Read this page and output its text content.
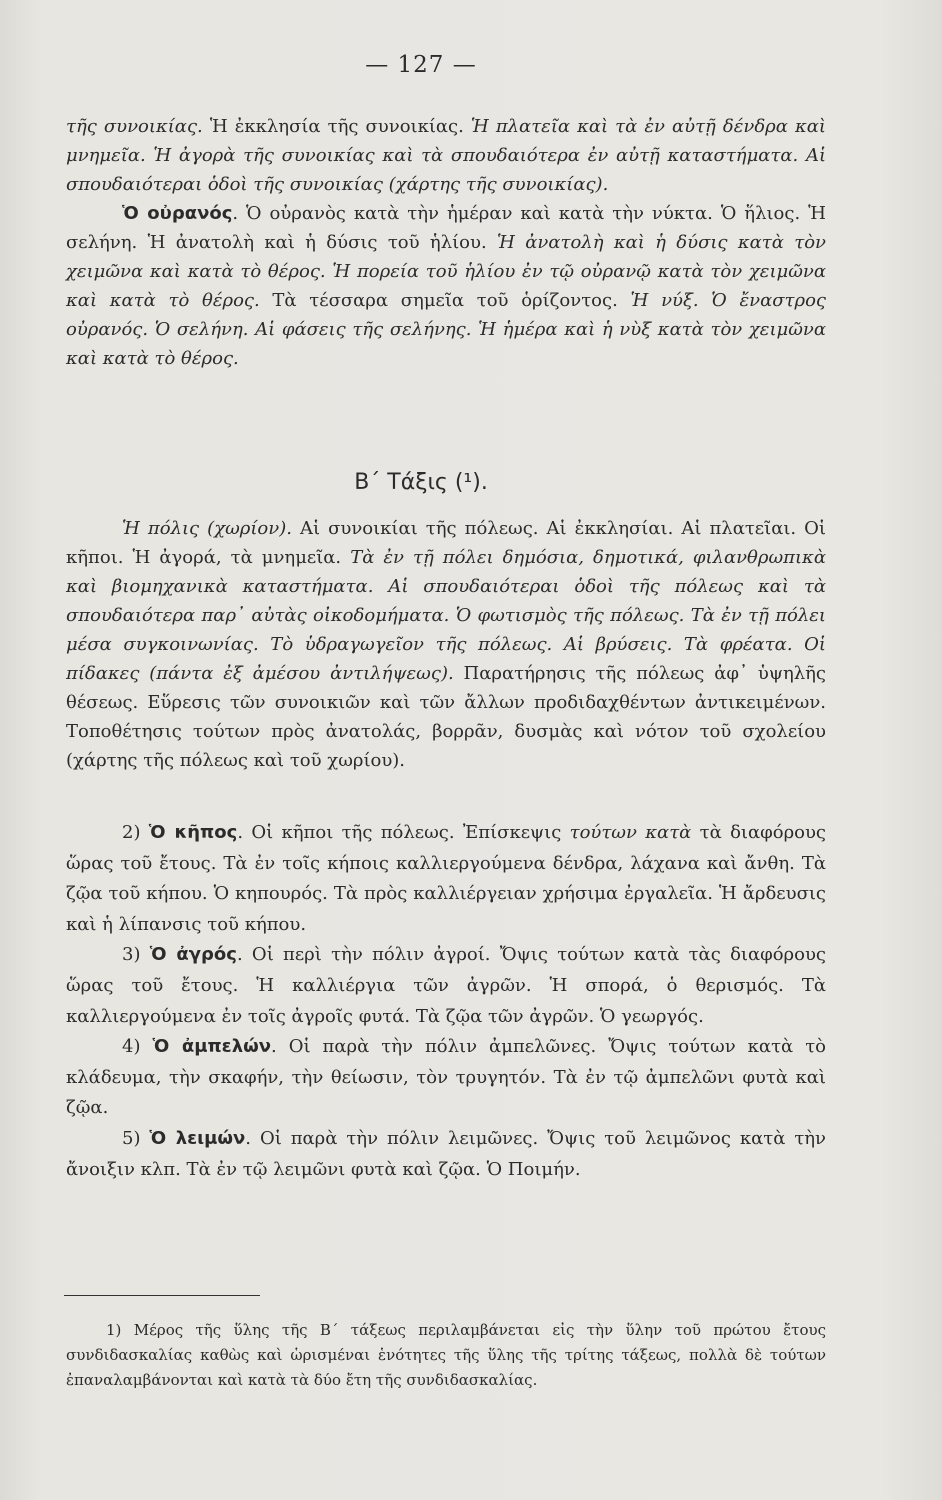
— 127 —

τῆς συνοικίας. Ἡ ἐκκλησία τῆς συνοικίας. Ἡ πλατεῖα καὶ τὰ ἐν αὐτῇ δένδρα καὶ μνημεῖα. Ἡ ἀγορὰ τῆς συνοικίας καὶ τὰ σπουδαιότερα ἐν αὐτῇ καταστήματα. Αἱ σπουδαιότεραι ὁδοὶ τῆς συνοικίας (χάρτης τῆς συνοικίας).

Ὁ οὐρανός. Ὁ οὐρανὸς κατὰ τὴν ἡμέραν καὶ κατὰ τὴν νύκτα. Ὁ ἥλιος. Ἡ σελήνη. Ἡ ἀνατολὴ καὶ ἡ δύσις τοῦ ἡλίου. Ἡ ἀνατολὴ καὶ ἡ δύσις κατὰ τὸν χειμῶνα καὶ κατὰ τὸ θέρος. Ἡ πορεία τοῦ ἡλίου ἐν τῷ οὐρανῷ κατὰ τὸν χειμῶνα καὶ κατὰ τὸ θέρος. Τὰ τέσσαρα σημεῖα τοῦ ὁρίζοντος. Ἡ νύξ. Ὁ ἔναστρος οὐρανός. Ὁ σελήνη. Αἱ φάσεις τῆς σελήνης. Ἡ ἡμέρα καὶ ἡ νὺξ κατὰ τὸν χειμῶνα καὶ κατὰ τὸ θέρος.

Β΄ Τάξις (¹).

Ἡ πόλις (χωρίον). Αἱ συνοικίαι τῆς πόλεως. Αἱ ἐκκλησίαι. Αἱ πλατεῖαι. Οἱ κῆποι. Ἡ ἀγορά, τὰ μνημεῖα. Τὰ ἐν τῇ πόλει δημόσια, δημοτικά, φιλανθρωπικὰ καὶ βιομηχανικὰ καταστήματα. Αἱ σπουδαιότεραι ὁδοὶ τῆς πόλεως καὶ τὰ σπουδαιότερα παρ᾽ αὐτὰς οἰκοδομήματα. Ὁ φωτισμὸς τῆς πόλεως. Τὰ ἐν τῇ πόλει μέσα συγκοινωνίας. Τὸ ὑδραγωγεῖον τῆς πόλεως. Αἱ βρύσεις. Τὰ φρέατα. Οἱ πίδακες (πάντα ἐξ ἀμέσου ἀντιλήψεως). Παρατήρησις τῆς πόλεως ἀφ᾽ ὑψηλῆς θέσεως. Εὕρεσις τῶν συνοικιῶν καὶ τῶν ἄλλων προδιδαχθέντων ἀντικειμένων. Τοποθέτησις τούτων πρὸς ἀνατολάς, βορρᾶν, δυσμὰς καὶ νότον τοῦ σχολείου (χάρτης τῆς πόλεως καὶ τοῦ χωρίου).

2) Ὁ κῆπος. Οἱ κῆποι τῆς πόλεως. Ἐπίσκεψις τούτων κατὰ τὰ διαφόρους ὥρας τοῦ ἔτους. Τὰ ἐν τοῖς κήποις καλλιεργούμενα δένδρα, λάχανα καὶ ἄνθη. Τὰ ζῷα τοῦ κήπου. Ὁ κηπουρός. Τὰ πρὸς καλλιέργειαν χρήσιμα ἐργαλεῖα. Ἡ ἄρδευσις καὶ ἡ λίπανσις τοῦ κήπου.

3) Ὁ ἀγρός. Οἱ περὶ τὴν πόλιν ἀγροί. Ὄψις τούτων κατὰ τὰς διαφόρους ὥρας τοῦ ἔτους. Ἡ καλλιέργια τῶν ἀγρῶν. Ἡ σπορά, ὁ θερισμός. Τὰ καλλιεργούμενα ἐν τοῖς ἀγροῖς φυτά. Τὰ ζῷα τῶν ἀγρῶν. Ὁ γεωργός.

4) Ὁ ἀμπελών. Οἱ παρὰ τὴν πόλιν ἀμπελῶνες. Ὄψις τούτων κατὰ τὸ κλάδευμα, τὴν σκαφήν, τὴν θείωσιν, τὸν τρυγητόν. Τὰ ἐν τῷ ἀμπελῶνι φυτὰ καὶ ζῷα.

5) Ὁ λειμών. Οἱ παρὰ τὴν πόλιν λειμῶνες. Ὄψις τοῦ λειμῶνος κατὰ τὴν ἄνοιξιν κλπ. Τὰ ἐν τῷ λειμῶνι φυτὰ καὶ ζῷα. Ὁ Ποιμήν.

1) Μέρος τῆς ὕλης τῆς Β΄ τάξεως περιλαμβάνεται εἰς τὴν ὕλην τοῦ πρώτου ἔτους συνδιδασκαλίας καθὼς καὶ ὡρισμέναι ἑνότητες τῆς ὕλης τῆς τρίτης τάξεως, πολλὰ δὲ τούτων ἐπαναλαμβάνονται καὶ κατὰ τὰ δύο ἔτη τῆς συνδιδασκαλίας.
